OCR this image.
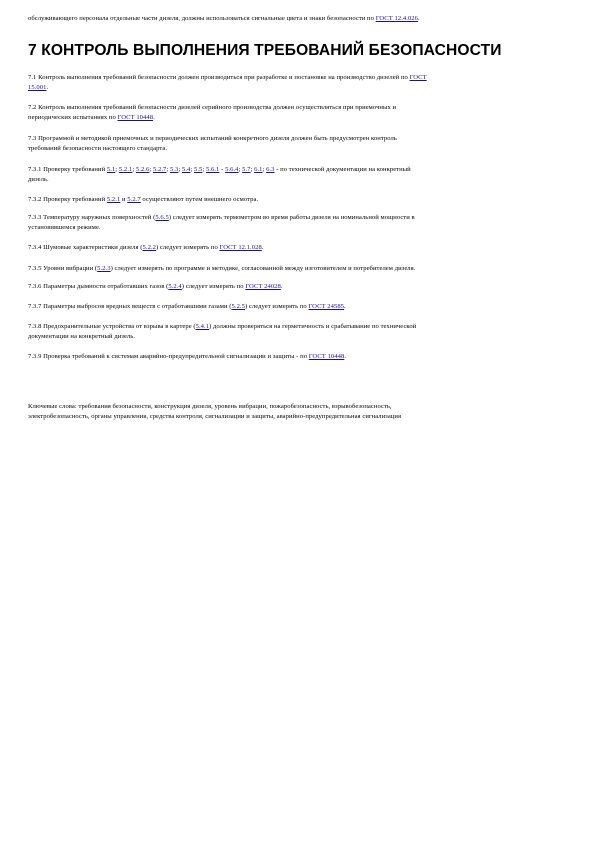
обслуживающего персонала отдельные части дизеля, должны использоваться сигнальные цвета и знаки безопасности по ГОСТ 12.4.026.
7 КОНТРОЛЬ ВЫПОЛНЕНИЯ ТРЕБОВАНИЙ БЕЗОПАСНОСТИ
7.1 Контроль выполнения требований безопасности должен производиться при разработке и постановке на производство дизелей по ГОСТ
15.001.
7.2 Контроль выполнения требований безопасности дизелей серийного производства должен осуществляться при приемочных и
периодических испытаниях по ГОСТ 10448.
7.3 Программой и методикой приемочных и периодических испытаний конкретного дизеля должен быть предусмотрен контроль
требований безопасности настоящего стандарта.
7.3.1 Проверку требований 5.1; 5.2.1; 5.2.6; 5.2.7; 5.3; 5.4; 5.5; 5.6.1 - 5.6.4; 5.7; 6.1; 6.3 - по технической документации на конкретный
дизель.
7.3.2 Проверку требований 5.2.1 и 5.2.7 осуществляют путем внешнего осмотра.
7.3.3 Температуру наружных поверхностей (5.6.5) следует измерять термометром во время работы дизеля на номинальной мощности в
установившемся режиме.
7.3.4 Шумовые характеристики дизеля (5.2.2) следует измерять по ГОСТ 12.1.028.
7.3.5 Уровни вибрации (5.2.3) следует измерять по программе и методике, согласованной между изготовителем и потребителем дизеля.
7.3.6 Параметры дымности отработавших газов (5.2.4) следует измерять по ГОСТ 24028.
7.3.7 Параметры выбросов вредных веществ с отработавшими газами (5.2.5) следует измерять по ГОСТ 24585.
7.3.8 Предохранительные устройства от взрыва в картере (5.4.1) должны проверяться на герметичность и срабатывание по технической
документации на конкретный дизель.
7.3.9 Проверка требований к системам аварийно-предупредительной сигнализации и защиты - по ГОСТ 10448.
Ключевые слова: требования безопасности, конструкция дизеля, уровень вибрации, пожаробезопасность, взрывобезопасность,
электробезопасность, органы управления, средства контроля, сигнализации и защиты, аварийно-предупредительная сигнализация
